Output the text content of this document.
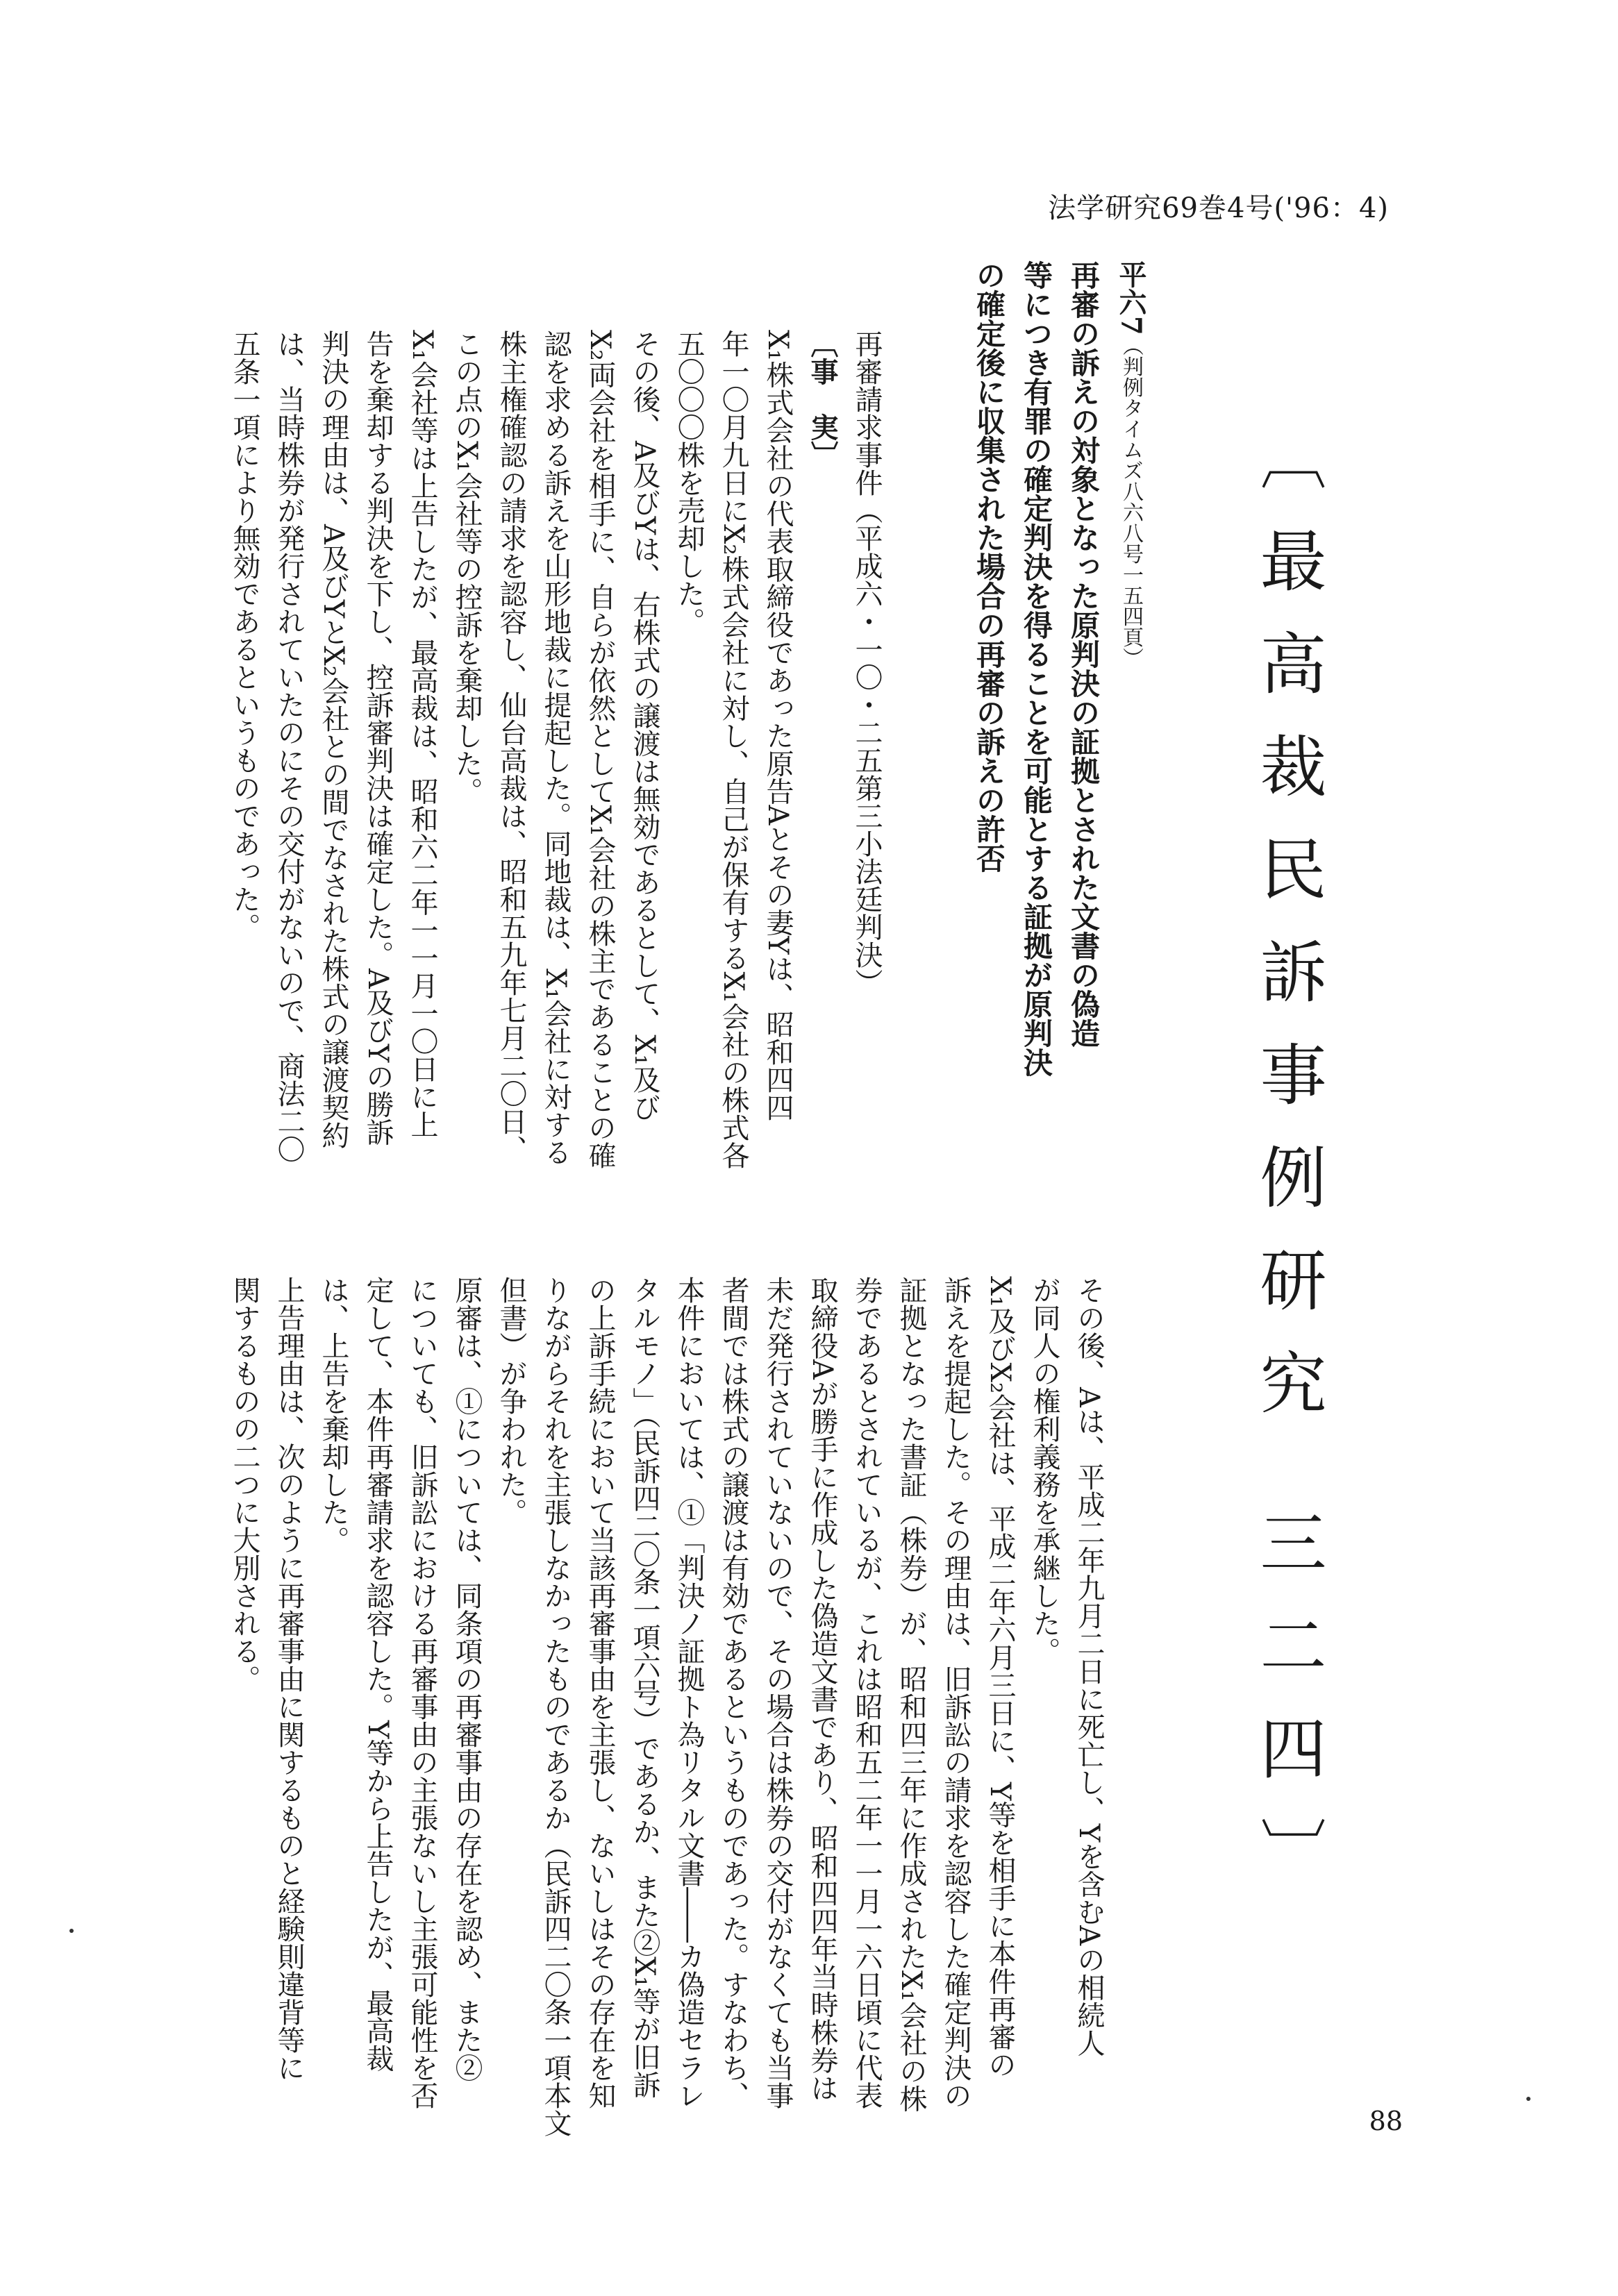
法学研究69巻4号('96：4)
〔最高裁民訴事例研究 三二四〕
平六7（判例タイムズ八六八号一五四頁）
再審の訴えの対象となった原判決の証拠とされた文書の偽造
等につき有罪の確定判決を得ることを可能とする証拠が原判決
の確定後に収集された場合の再審の訴えの許否
再審請求事件（平成六・一〇・二五第三小法廷判決）
〔事　実〕
X₁株式会社の代表取締役であった原告Aとその妻Yは、昭和四四
年一〇月九日にX₂株式会社に対し、自己が保有するX₁会社の株式各
五〇〇〇株を売却した。
その後、A及びYは、右株式の譲渡は無効であるとして、X₁及び
X₂両会社を相手に、自らが依然としてX₁会社の株主であることの確
認を求める訴えを山形地裁に提起した。同地裁は、X₁会社に対する
株主権確認の請求を認容し、仙台高裁は、昭和五九年七月二〇日、
この点のX₁会社等の控訴を棄却した。
X₁会社等は上告したが、最高裁は、昭和六二年一一月一〇日に上
告を棄却する判決を下し、控訴審判決は確定した。A及びYの勝訴
判決の理由は、A及びYとX₂会社との間でなされた株式の譲渡契約
は、当時株券が発行されていたのにその交付がないので、商法二〇
五条一項により無効であるというものであった。
その後、Aは、平成二年九月二日に死亡し、Yを含むAの相続人
が同人の権利義務を承継した。
X₁及びX₂会社は、平成二年六月三日に、Y等を相手に本件再審の
訴えを提起した。その理由は、旧訴訟の請求を認容した確定判決の
証拠となった書証（株券）が、昭和四三年に作成されたX₁会社の株
券であるとされているが、これは昭和五二年一一月一六日頃に代表
取締役Aが勝手に作成した偽造文書であり、昭和四四年当時株券は
未だ発行されていないので、その場合は株券の交付がなくても当事
者間では株式の譲渡は有効であるというものであった。すなわち、
本件においては、①「判決ノ証拠ト為リタル文書――カ偽造セラレ
タルモノ」（民訴四二〇条一項六号）であるか、また②X₁等が旧訴
の上訴手続において当該再審事由を主張し、ないしはその存在を知
りながらそれを主張しなかったものであるか（民訴四二〇条一項本文
但書）が争われた。
原審は、①については、同条項の再審事由の存在を認め、また②
についても、旧訴訟における再審事由の主張ないし主張可能性を否
定して、本件再審請求を認容した。Y等から上告したが、最高裁
は、上告を棄却した。
上告理由は、次のように再審事由に関するものと経験則違背等に
関するものの二つに大別される。
88
